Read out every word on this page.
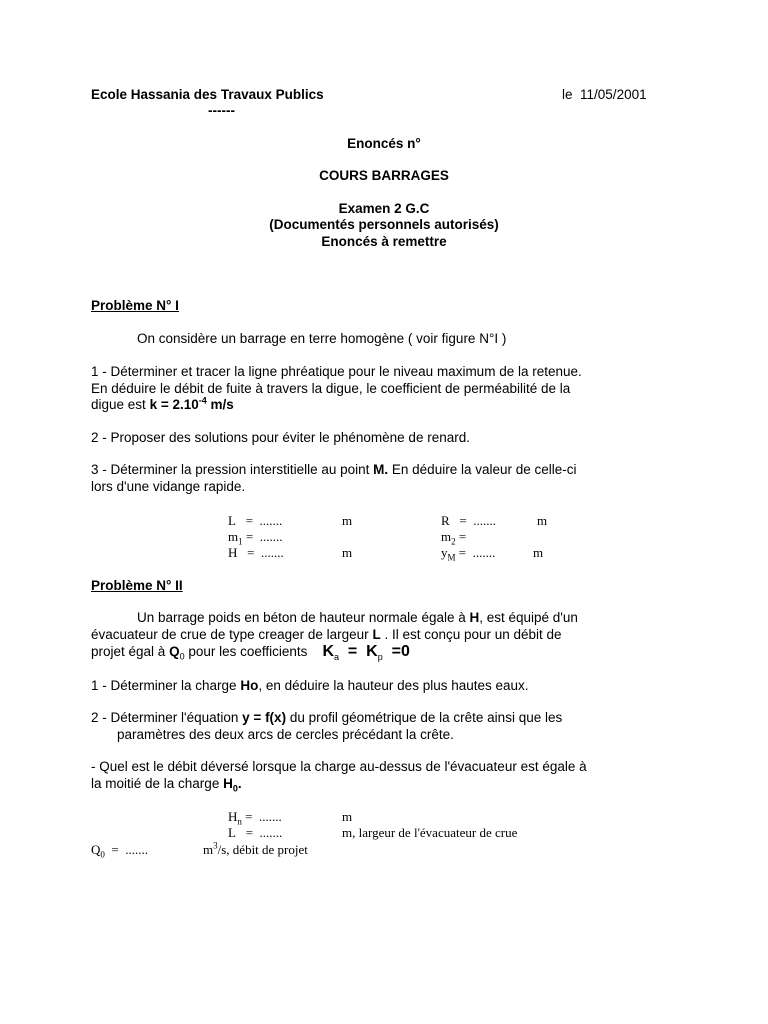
Ecole Hassania des Travaux Publics
------
le 11/05/2001
Enoncés n°
COURS BARRAGES
Examen 2 G.C
(Documentés personnels autorisés)
Enoncés à remettre
Problème N° I
On considère un barrage en terre homogène ( voir figure N°I )
1 - Déterminer et tracer la ligne phréatique pour le niveau maximum de la retenue.
En déduire le débit de fuite à travers la digue, le coefficient de perméabilité de la
digue est $k = 2.10^{-4}$ m/s
2 - Proposer des solutions pour éviter le phénomène de renard.
3 - Déterminer la pression interstitielle au point M. En déduire la valeur de celle-ci
lors d'une vidange rapide.
L = .......	m	R = .......	m
$m_1$ = .......	$m_2$ =
H = .......	m	$y_M$ = .......	m
Problème N° II
Un barrage poids en béton de hauteur normale égale à H, est équipé d'un
évacuateur de crue de type creager de largeur L . Il est conçu pour un débit de
projet égal à $Q_0$ pour les coefficients $K_a = K_p =0$
1 - Déterminer la charge Ho, en déduire la hauteur des plus hautes eaux.
2 - Déterminer l'équation y = f(x) du profil géométrique de la crête ainsi que les
paramètres des deux arcs de cercles précédant la crête.
- Quel est le débit déversé lorsque la charge au-dessus de l'évacuateur est égale à
la moitié de la charge $H_0$.
$H_n$ = .......	m
L = .......	m, largeur de l'évacuateur de crue
$Q_0$ = .......	$m^3/s$, débit de projet
